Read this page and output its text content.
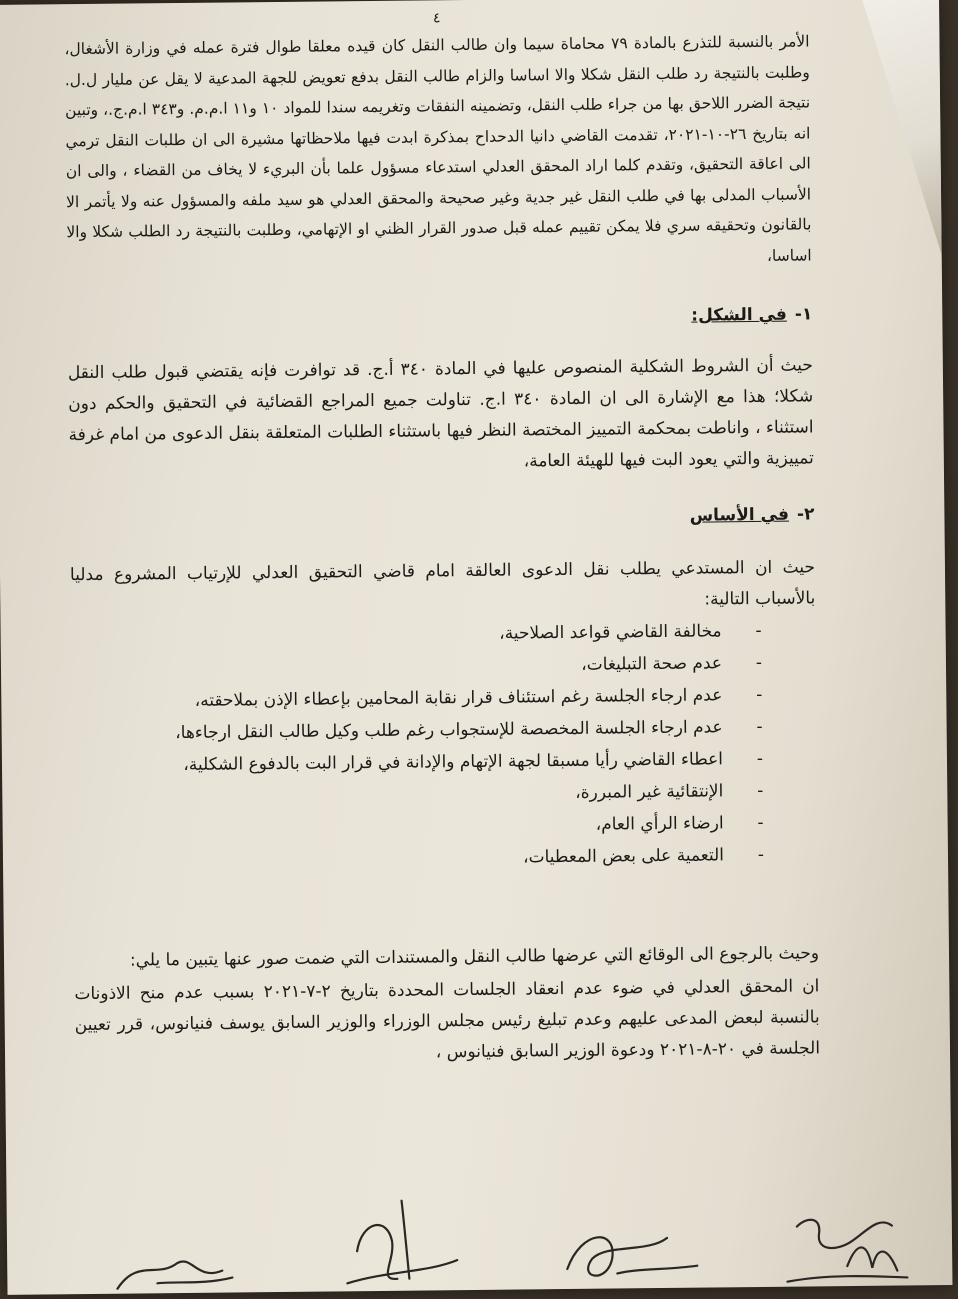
٤

الأمر بالنسبة للتذرع بالمادة ٧٩ محاماة سيما وان طالب النقل كان قيده معلقا طوال فترة عمله في وزارة الأشغال، وطلبت بالنتيجة رد طلب النقل شكلا والا اساسا والزام طالب النقل بدفع تعويض للجهة المدعية لا يقل عن مليار ل.ل. نتيجة الضرر اللاحق بها من جراء طلب النقل، وتضمينه النفقات وتغريمه سندا للمواد ١٠ و١١ ا.م.م. و٣٤٣ ا.م.ج.، وتبين انه بتاريخ ٢٦-١٠-٢٠٢١، تقدمت القاضي دانيا الدحداح بمذكرة ابدت فيها ملاحظاتها مشيرة الى ان طلبات النقل ترمي الى اعاقة التحقيق، وتقدم كلما اراد المحقق العدلي استدعاء مسؤول علما بأن البريء لا يخاف من القضاء ، والى ان الأسباب المدلى بها في طلب النقل غير جدية وغير صحيحة والمحقق العدلي هو سيد ملفه والمسؤول عنه ولا يأتمر الا بالقانون وتحقيقه سري فلا يمكن تقييم عمله قبل صدور القرار الظني او الإتهامي، وطلبت بالنتيجة رد الطلب شكلا والا اساسا،

١-في الشكل:

حيث أن الشروط الشكلية المنصوص عليها في المادة ٣٤٠ أ.ج. قد توافرت فإنه يقتضي قبول طلب النقل شكلا؛ هذا مع الإشارة الى ان المادة ٣٤٠ ا.ج. تناولت جميع المراجع القضائية في التحقيق والحكم دون استثناء ، واناطت بمحكمة التمييز المختصة النظر فيها باستثناء الطلبات المتعلقة بنقل الدعوى من امام غرفة تمييزية والتي يعود البت فيها للهيئة العامة،

٢-في الأساس

حيث ان المستدعي يطلب نقل الدعوى العالقة امام قاضي التحقيق العدلي للإرتياب المشروع مدليا بالأسباب التالية:

-مخالفة القاضي قواعد الصلاحية،
-عدم صحة التبليغات،
-عدم ارجاء الجلسة رغم استئناف قرار نقابة المحامين بإعطاء الإذن بملاحقته،
-عدم ارجاء الجلسة المخصصة للإستجواب رغم طلب وكيل طالب النقل ارجاءها،
-اعطاء القاضي رأيا مسبقا لجهة الإتهام والإدانة في قرار البت بالدفوع الشكلية،
-الإنتقائية غير المبررة،
-ارضاء الرأي العام،
-التعمية على بعض المعطيات،

وحيث بالرجوع الى الوقائع التي عرضها طالب النقل والمستندات التي ضمت صور عنها يتبين ما يلي:

ان المحقق العدلي في ضوء عدم انعقاد الجلسات المحددة بتاريخ ٢-٧-٢٠٢١ بسبب عدم منح الاذونات بالنسبة لبعض المدعى عليهم وعدم تبليغ رئيس مجلس الوزراء والوزير السابق يوسف فنيانوس، قرر تعيين الجلسة في ٢٠-٨-٢٠٢١ ودعوة الوزير السابق فنيانوس ،
